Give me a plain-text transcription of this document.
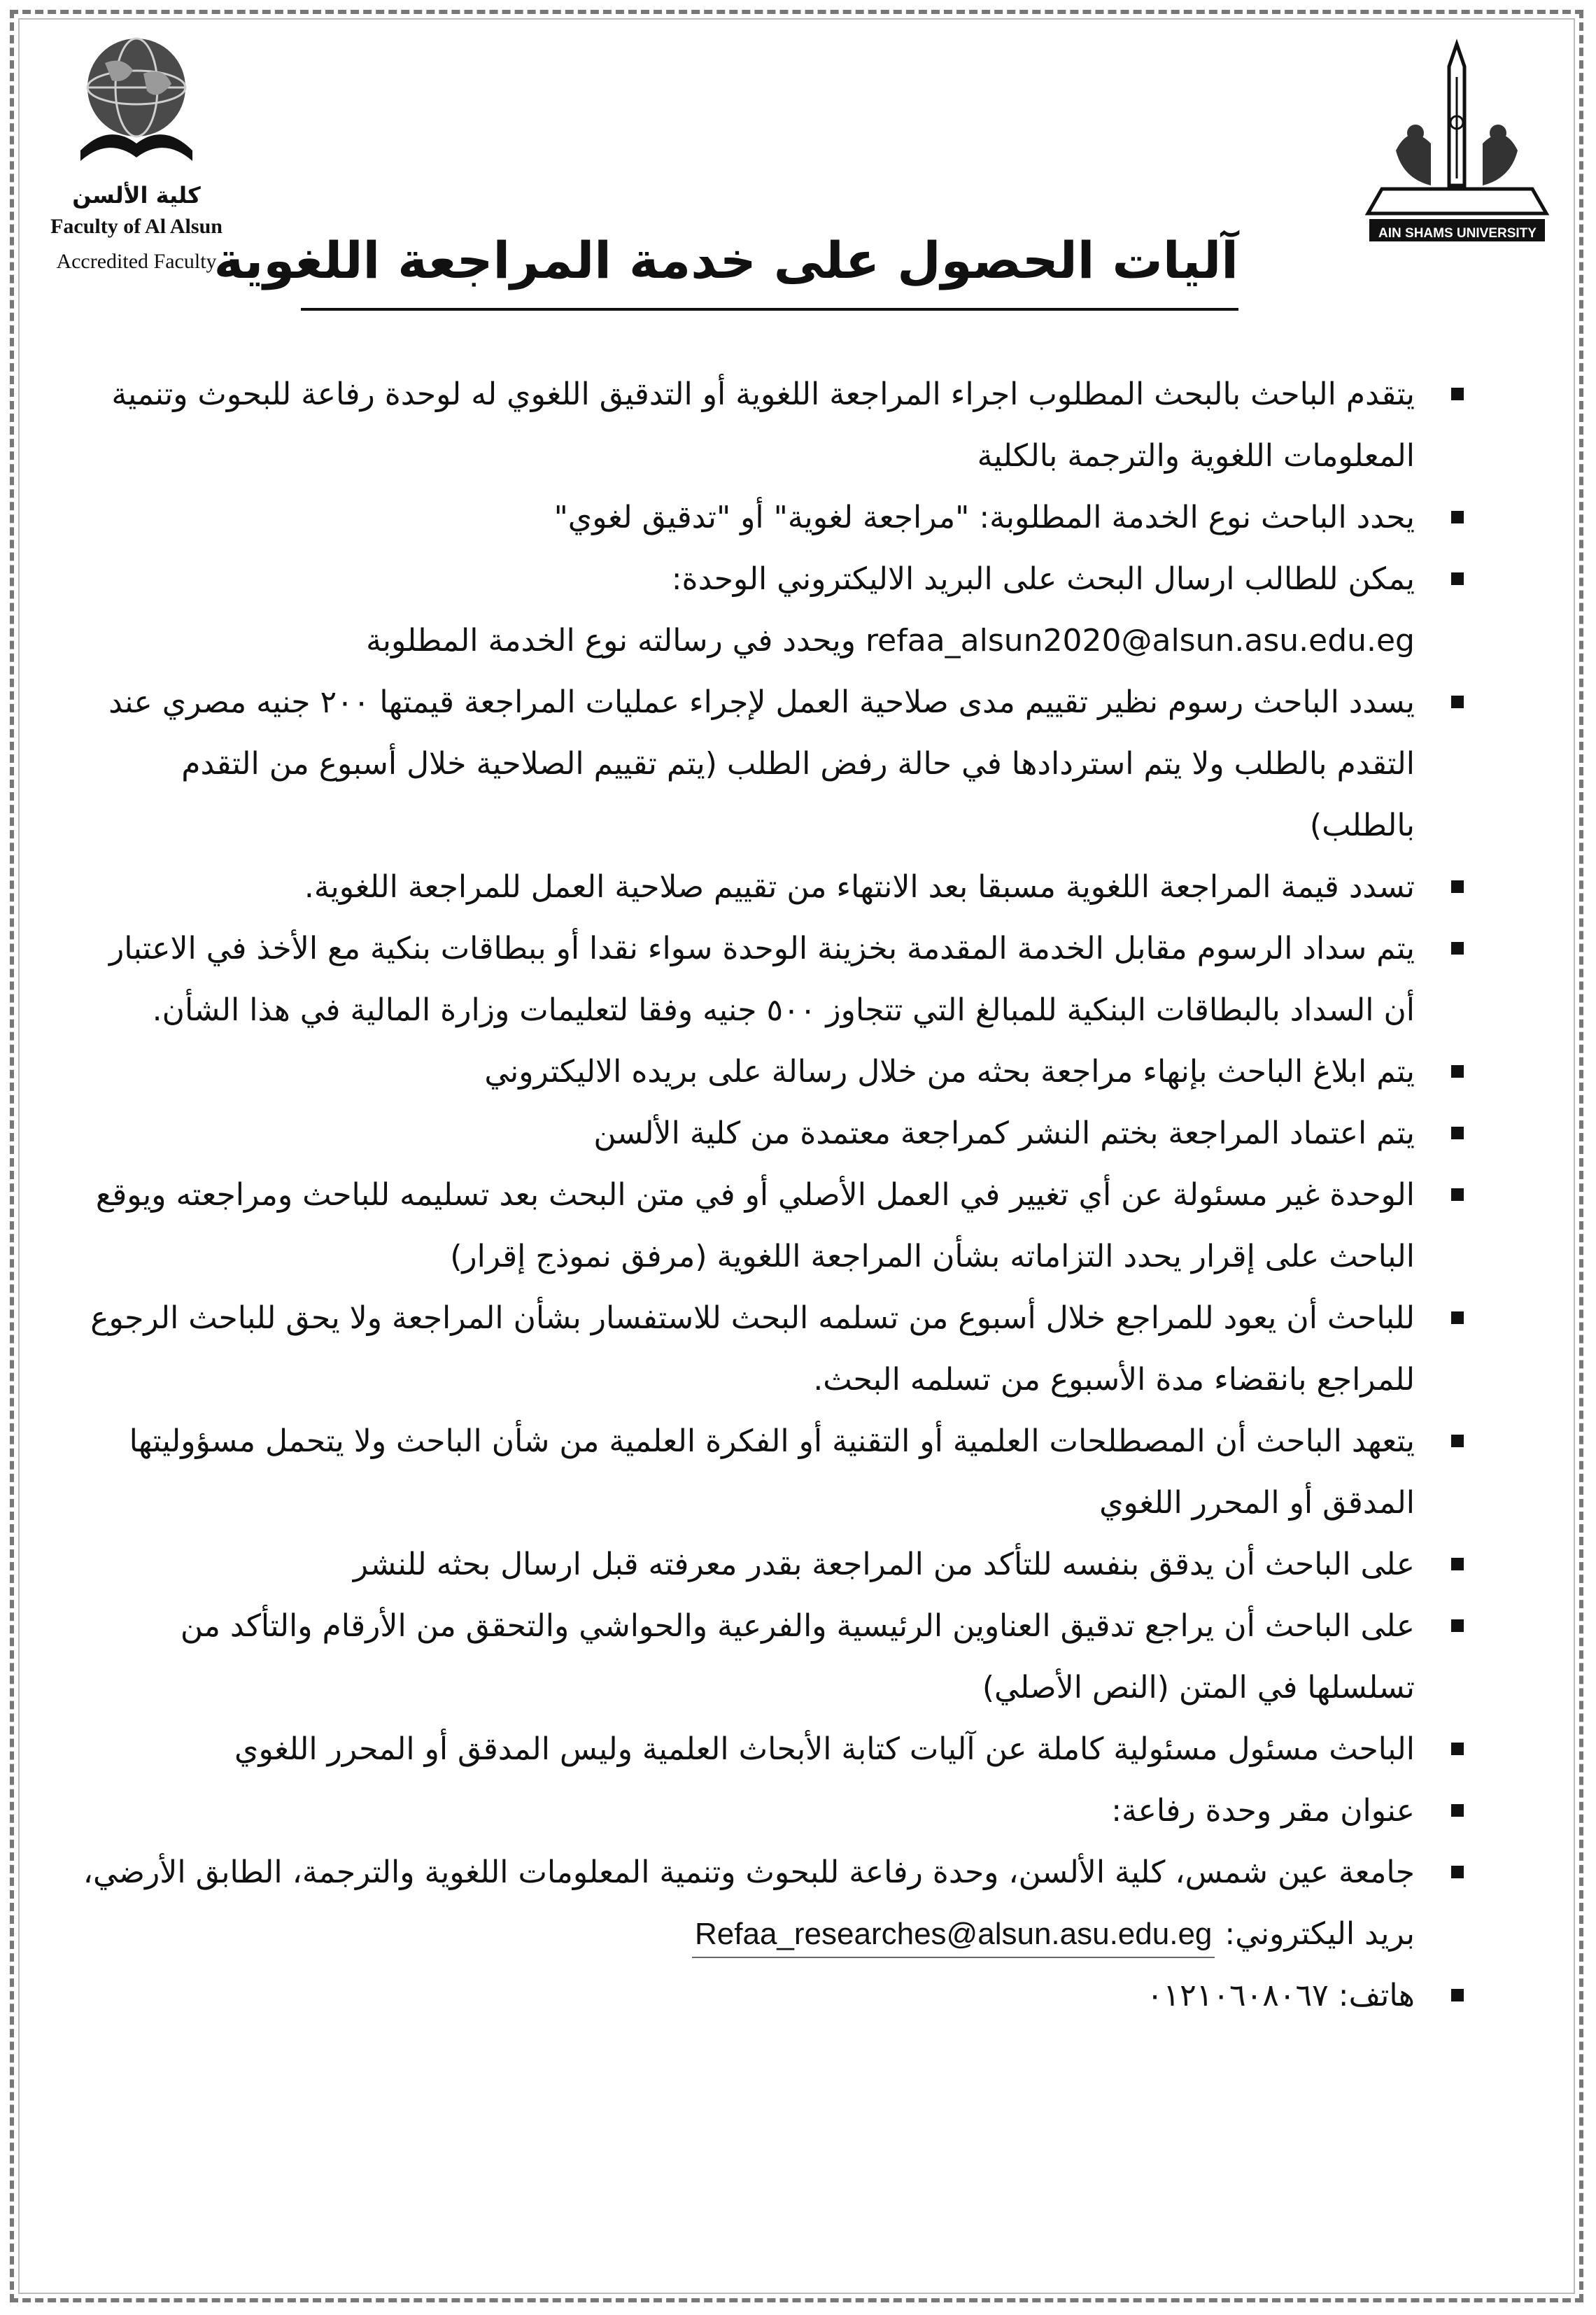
كلية الألسن
Faculty of Al Alsun
Accredited Faculty
AIN SHAMS UNIVERSITY
آليات الحصول على خدمة المراجعة اللغوية
يتقدم الباحث بالبحث المطلوب اجراء المراجعة اللغوية أو التدقيق اللغوي له لوحدة رفاعة للبحوث وتنمية المعلومات اللغوية والترجمة بالكلية
يحدد الباحث نوع الخدمة المطلوبة: "مراجعة لغوية" أو "تدقيق لغوي"
يمكن للطالب ارسال البحث على البريد الاليكتروني الوحدة:
refaa_alsun2020@alsun.asu.edu.eg ويحدد في رسالته نوع الخدمة المطلوبة
يسدد الباحث رسوم نظير تقييم مدى صلاحية العمل لإجراء عمليات المراجعة قيمتها ٢٠٠ جنيه مصري عند التقدم بالطلب ولا يتم استردادها في حالة رفض الطلب (يتم تقييم الصلاحية خلال أسبوع من التقدم بالطلب)
تسدد قيمة المراجعة اللغوية مسبقا بعد الانتهاء من تقييم صلاحية العمل للمراجعة اللغوية.
يتم سداد الرسوم مقابل الخدمة المقدمة بخزينة الوحدة سواء نقدا أو ببطاقات بنكية مع الأخذ في الاعتبار أن السداد بالبطاقات البنكية للمبالغ التي تتجاوز ٥٠٠ جنيه وفقا لتعليمات وزارة المالية في هذا الشأن.
يتم ابلاغ الباحث بإنهاء مراجعة بحثه من خلال رسالة على بريده الاليكتروني
يتم اعتماد المراجعة بختم النشر كمراجعة معتمدة من كلية الألسن
الوحدة غير مسئولة عن أي تغيير في العمل الأصلي أو في متن البحث بعد تسليمه للباحث ومراجعته ويوقع الباحث على إقرار يحدد التزاماته بشأن المراجعة اللغوية (مرفق نموذج إقرار)
للباحث أن يعود للمراجع خلال أسبوع من تسلمه البحث للاستفسار بشأن المراجعة ولا يحق للباحث الرجوع للمراجع بانقضاء مدة الأسبوع من تسلمه البحث.
يتعهد الباحث أن المصطلحات العلمية أو التقنية أو الفكرة العلمية من شأن الباحث ولا يتحمل مسؤوليتها المدقق أو المحرر اللغوي
على الباحث أن يدقق بنفسه للتأكد من المراجعة بقدر معرفته قبل ارسال بحثه للنشر
على الباحث أن يراجع تدقيق العناوين الرئيسية والفرعية والحواشي والتحقق من الأرقام والتأكد من تسلسلها في المتن (النص الأصلي)
الباحث مسئول مسئولية كاملة عن آليات كتابة الأبحاث العلمية وليس المدقق أو المحرر اللغوي
عنوان مقر وحدة رفاعة:
جامعة عين شمس، كلية الألسن، وحدة رفاعة للبحوث وتنمية المعلومات اللغوية والترجمة، الطابق الأرضي، بريد اليكتروني: Refaa_researches@alsun.asu.edu.eg
هاتف: ٠١٢١٠٦٠٨٠٦٧
